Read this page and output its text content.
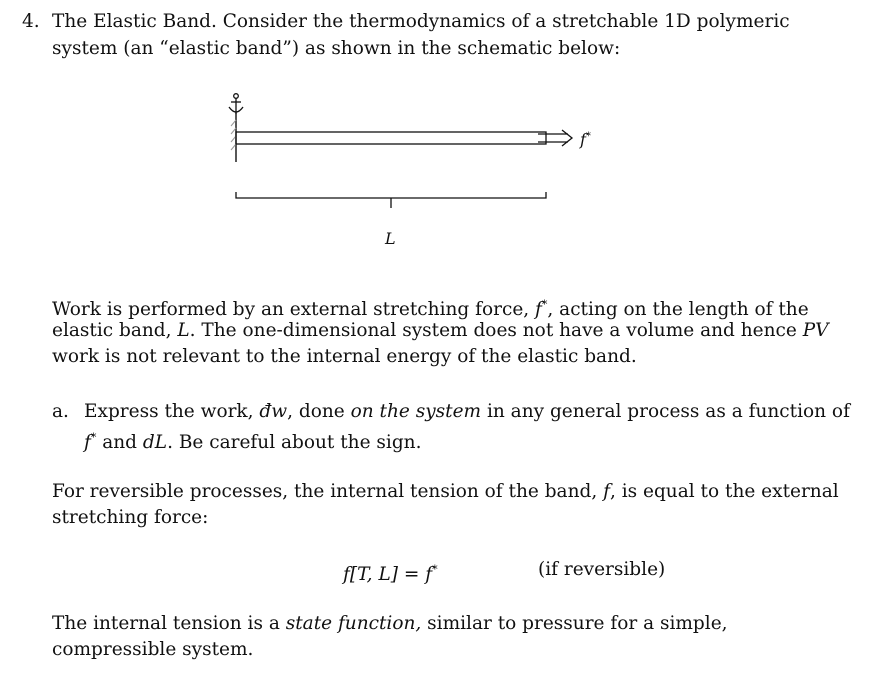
4. The Elastic Band. Consider the thermodynamics of a stretchable 1D polymeric
system (an “elastic band”) as shown in the schematic below:
f*
L
Work is performed by an external stretching force, f*, acting on the length of the
elastic band, L. The one-dimensional system does not have a volume and hence PV
work is not relevant to the internal energy of the elastic band.
a. Express the work, đw, done on the system in any general process as a function of
f* and dL. Be careful about the sign.
For reversible processes, the internal tension of the band, f, is equal to the external
stretching force:
f[T, L] = f*	(if reversible)
The internal tension is a state function, similar to pressure for a simple,
compressible system.
